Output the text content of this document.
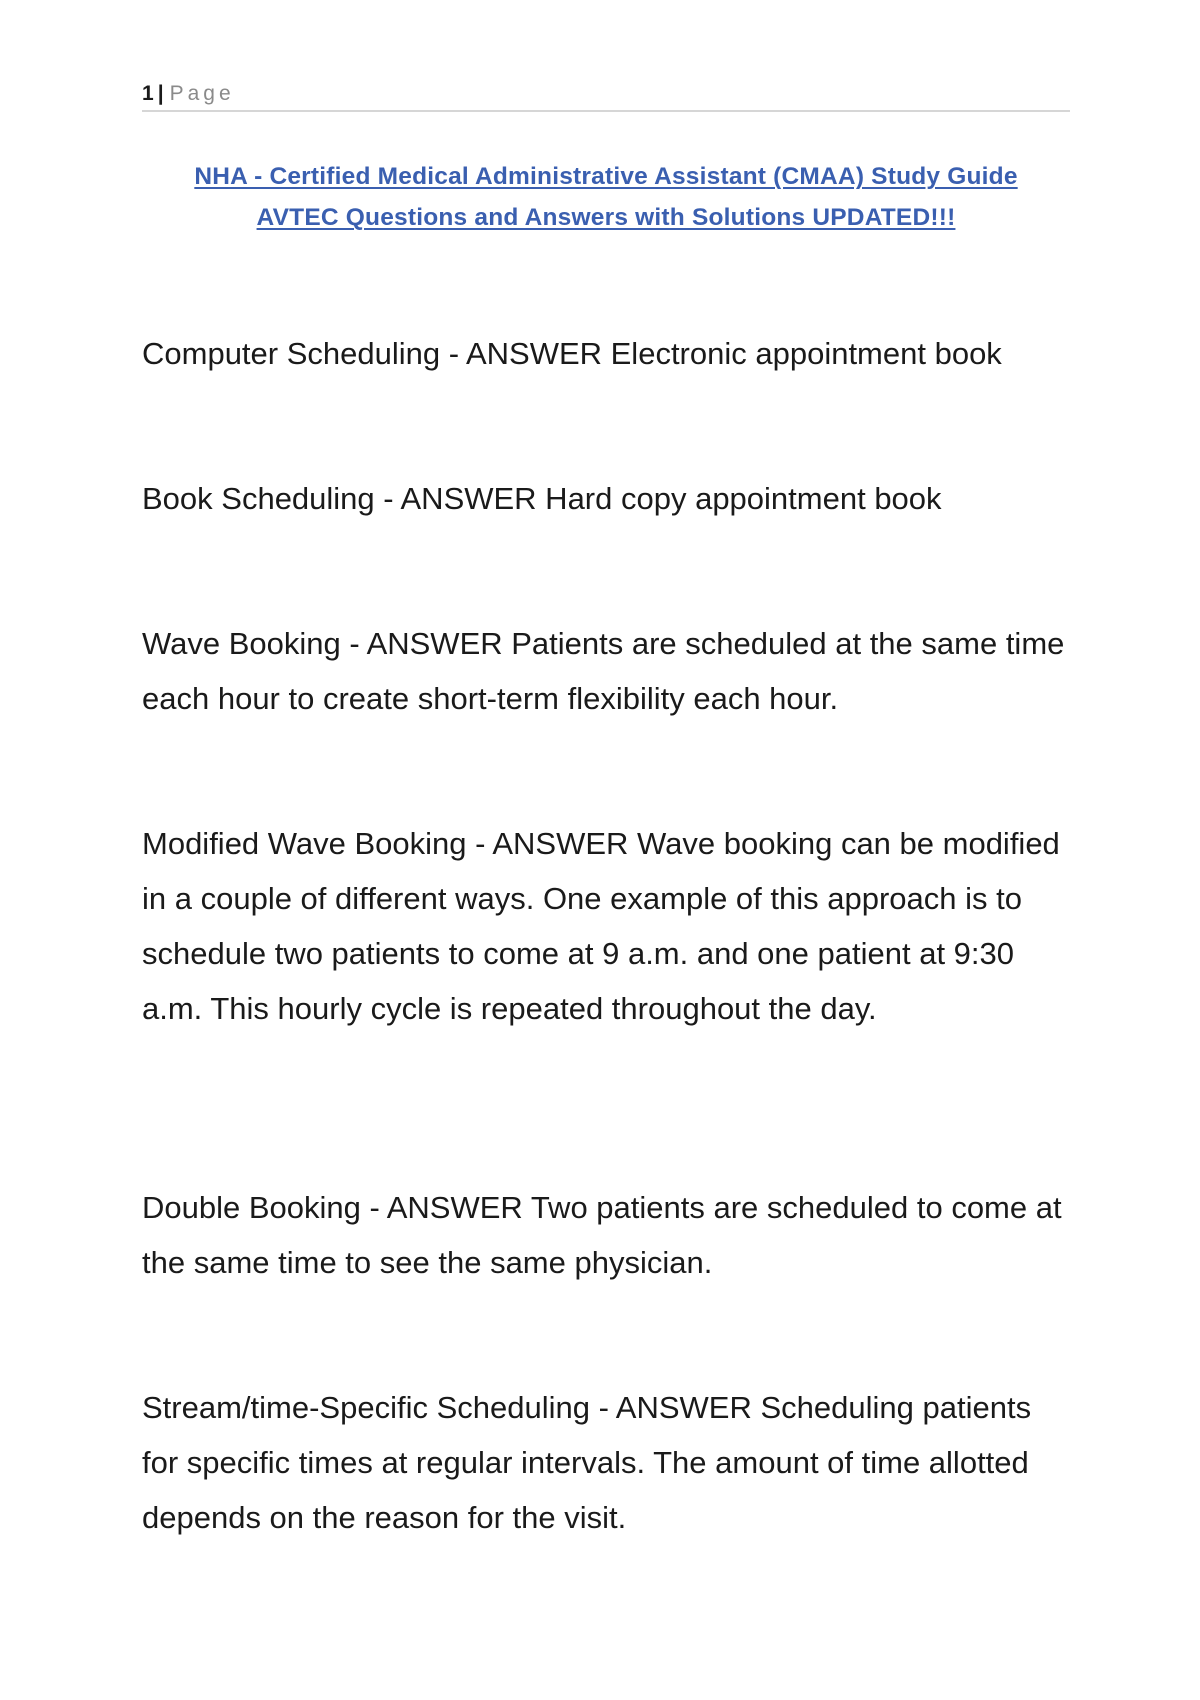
1 | Page
NHA - Certified Medical Administrative Assistant (CMAA) Study Guide
AVTEC Questions and Answers with Solutions UPDATED!!!

Computer Scheduling - ANSWER Electronic appointment book

Book Scheduling - ANSWER Hard copy appointment book

Wave Booking - ANSWER Patients are scheduled at the same time each hour to create short-term flexibility each hour.

Modified Wave Booking - ANSWER Wave booking can be modified in a couple of different ways. One example of this approach is to schedule two patients to come at 9 a.m. and one patient at 9:30 a.m. This hourly cycle is repeated throughout the day.

Double Booking - ANSWER Two patients are scheduled to come at the same time to see the same physician.

Stream/time-Specific Scheduling - ANSWER Scheduling patients for specific times at regular intervals. The amount of time allotted depends on the reason for the visit.
